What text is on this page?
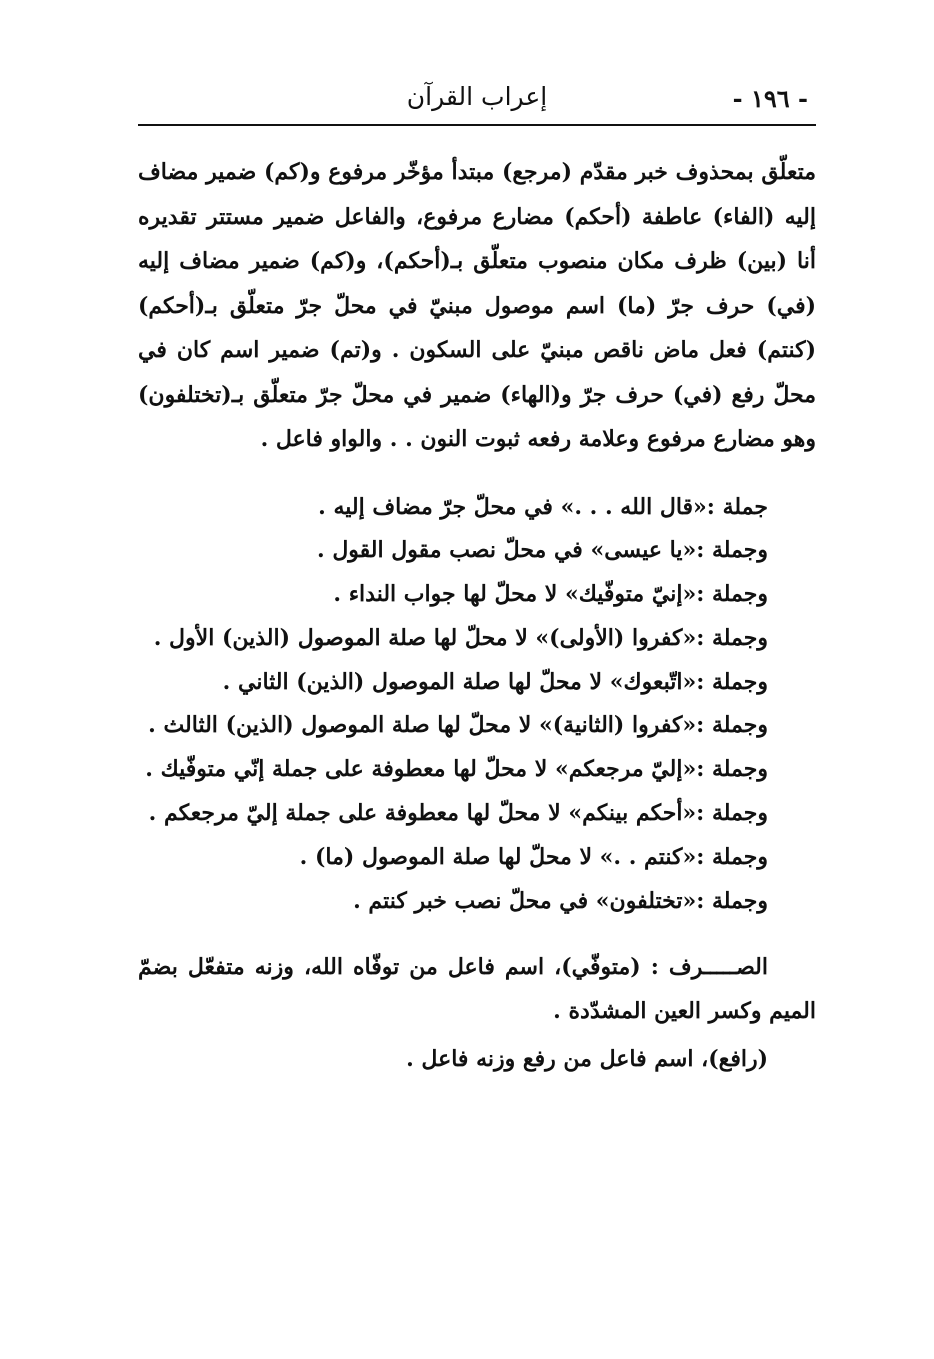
- ١٩٦ -
إعراب القرآن

متعلّق بمحذوف خبر مقدّم (مرجع) مبتدأ مؤخّر مرفوع و(كم) ضمير مضاف إليه (الفاء) عاطفة (أحكم) مضارع مرفوع، والفاعل ضمير مستتر تقديره أنا (بين) ظرف مكان منصوب متعلّق بـ(أحكم)، و(كم) ضمير مضاف إليه (في) حرف جرّ (ما) اسم موصول مبنيّ في محلّ جرّ متعلّق بـ(أحكم) (كنتم) فعل ماض ناقص مبنيّ على السكون . و(تم) ضمير اسم كان في محلّ رفع (في) حرف جرّ و(الهاء) ضمير في محلّ جرّ متعلّق بـ(تختلفون) وهو مضارع مرفوع وعلامة رفعه ثبوت النون . . والواو فاعل .

جملة :«قال الله . . .» في محلّ جرّ مضاف إليه .

وجملة :«يا عيسى» في محلّ نصب مقول القول .

وجملة :«إنيّ متوفّيك» لا محلّ لها جواب النداء .

وجملة :«كفروا (الأولى)» لا محلّ لها صلة الموصول (الذين) الأول .

وجملة :«اتّبعوك» لا محلّ لها صلة الموصول (الذين) الثاني .

وجملة :«كفروا (الثانية)» لا محلّ لها صلة الموصول (الذين) الثالث .

وجملة :«إليّ مرجعكم» لا محلّ لها معطوفة على جملة إنّي متوفّيك .

وجملة :«أحكم بينكم» لا محلّ لها معطوفة على جملة إليّ مرجعكم .

وجملة :«كنتم . .» لا محلّ لها صلة الموصول (ما) .

وجملة :«تختلفون» في محلّ نصب خبر كنتم .

الصـــــرف : (متوفّي)، اسم فاعل من توفّاه الله، وزنه متفعّل بضمّ الميم وكسر العين المشدّدة .

(رافع)، اسم فاعل من رفع وزنه فاعل .
